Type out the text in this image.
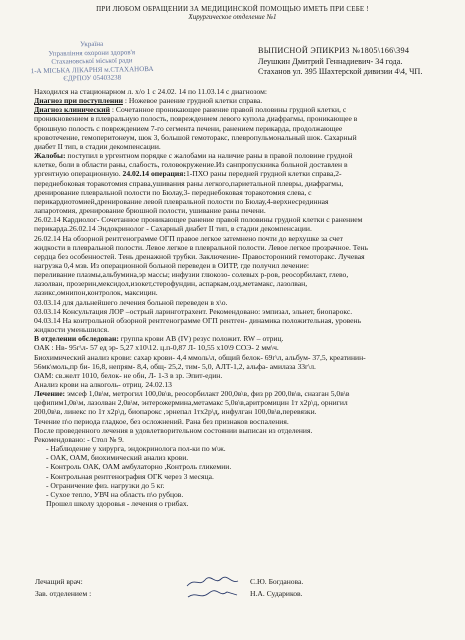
ПРИ ЛЮБОМ ОБРАЩЕНИИ ЗА МЕДИЦИНСКОЙ ПОМОЩЬЮ ИМЕТЬ ПРИ СЕБЕ !
Хирургическое отделение №1
Україна
Управління охорони здоров'я
Стахановської міської ради
1-А МІСЬКА ЛІКАРНЯ м.СТАХАНОВА
ЄДРПОУ 05403238
ВЫПИСНОЙ ЭПИКРИЗ №1805\166\394
Леушкин Дмитрий Геннадиевич- 34 года.
Стаханов ул. 395 Шахтерской дивизии 4\4, ЧП.
Находился на стационарном л. х/о 1 с 24.02. 14 по 11.03.14 с диагнозом:
Диагноз при поступлении : Ножевое ранение грудной клетки справа.
Диагноз клинический : Сочетанное проникающее ранение правой половины грудной клетки, с
проникновением в плевральную полость, повреждением левого купола диафрагмы, проникающее в
брюшную полость с повреждением 7-го сегмента печени, ранением перикарда, продолжающее
кровотечение, гемоперитонеум, шок 3, большой гемоторакс, плевропульмональный шок. Сахарный
диабет II тип, в стадии декомпенсации.
Жалобы: поступил в ургентном порядке с жалобами на наличие раны в правой половине грудной
клетке, боли в области раны, слабость, головокружение.Из санпропускника больной доставлен в
ургентную операционную. 24.02.14 операция:1-ПХО раны передней грудной клетки справа,2-
переднебоковая торакотомия справа,ушивания раны легкого,париетальной плевры, диафрагмы,
дренирование плевральной полости по Бюлау,3- переднебоковая торакотомия слева, с
перикардиотомией,дренирование левой плевральной полости по Бюлау,4-верхнесрединная
лапаротомия, дренирование брюшной полости, ушивание раны печени.
26.02.14 Кардиолог- Сочетанное проникающее ранение правой половины грудной клетки с ранением
перикарда.26.02.14 Эндокринолог - Сахарный диабет II тип, в стадии декомпенсации.
26.02.14 На обзорной рентгенограмме ОГП правое легкое затемнено почти до верхушке за счет
жидкости в плевральной полости. Левое легкое в плевральной полости. Левое легкое прозрачное. Тень
сердца без особенностей. Тень дренажной трубки. Заключение- Правосторонний гемоторакс. Лучевая
нагрузка 0,4 мзв. Из операционной больной переведен в ОИТР, где получил лечение:
переливание плазмы,альбумина,эр массы; инфузии глюкозо- солевых р-ров, реосорбилакт, глево,
лазолван, прозерин,мексидол,изокет,стерофундин, аспаркам,озд,метамакс, лазолван,
лазикс,омнипон,контролок, максицин.
03.03.14 для дальнейшего лечения больной переведен в х\о.
03.03.14 Консультация ЛОР –острый ларинготрахеит. Рекомендовано: эмпизал, эльнет, биопарокс.
04.03.14 На контрольной обзорной рентгенограмме ОГП рентген- динамика положительная, уровень
жидкости уменьшился.
В отделении обследован: группа крови АВ (IV) резус положит. RW – отриц.
ОАК : Нв- 95г\л- 57 ед эр- 5,27 х10\12. ц.п-0,87 Л- 10,55 х10\9 СОЭ- 2 мм\ч.
Биохимический анализ крови: сахар крови- 4,4 ммоль\л, общий белок- 69г\л, альбум- 37,5, креатинин-
56мк\моль,пр би- 16,8, непрям- 8,4, общ- 25,2, тим- 5,0, АЛТ-1,2, альфа- амилаза 33г\л.
ОАМ: св.желт 1010, белок- не обн, Л- 1-3 в зр. Эпит-един.
Анализ крови на алкоголь- отриц. 24.02.13
Лечение: эмсеф 1,0в\м, метрогил 100,0в\в, реосорбилакт 200,0в\в, физ рр 200,0в\в, сназган 5,0в\в
цефипим1,0в\м, лазолван 2,0в\м, энтерожермина,метамакс 5,0в\в,аритромицин 1т х2р\д, орнигил
200,0в\в, линекс по 1т х2р\д, биопарокс ,эрнепал 1тх2р\д, инфулган 100,0в\в,перевязки.
Течение п\о периода гладкое, без осложнений. Рана без признаков воспаления.
После проведенного лечения в удовлетворительном состоянии выписан из отделения.
Рекомендовано: - Стол № 9.
- Наблюдение у хирурга, эндокринолога пол-ки по м\ж.
- ОАК, ОАМ, биохимический анализ крови.
- Контроль ОАК, ОАМ амбулаторно ,Контроль гликемии.
- Контрольная рентгенография ОГК через 3 месяца.
- Ограничение физ. нагрузки до 5 кг.
- Сухое тепло, УВЧ на область п\о рубцов.
Прошел школу здоровья - лечения о грибах.
Лечащий врач:	С.Ю. Богданова.
Зав. отделением :	Н.А. Судариков.
